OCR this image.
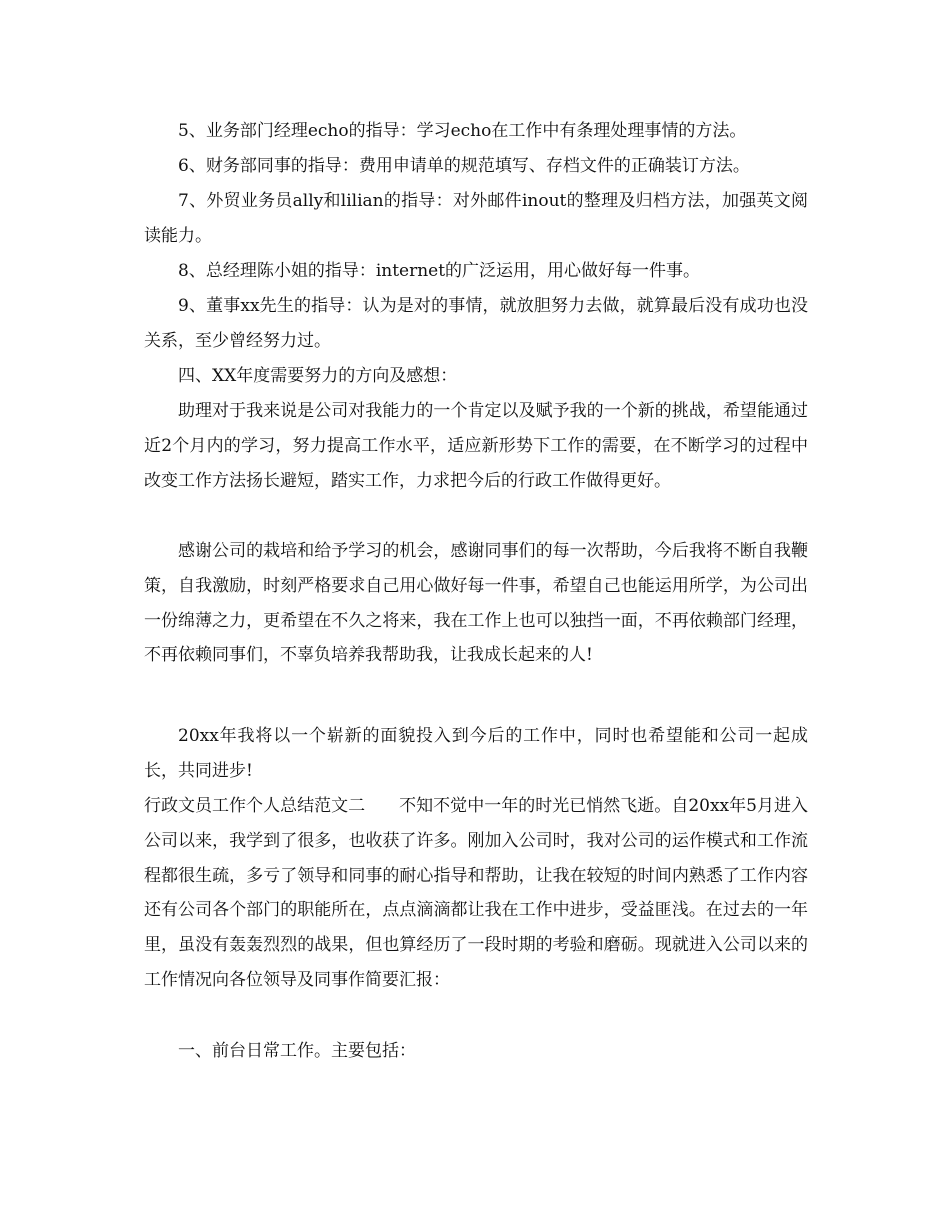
5、业务部门经理echo的指导：学习echo在工作中有条理处理事情的方法。
6、财务部同事的指导：费用申请单的规范填写、存档文件的正确装订方法。
7、外贸业务员ally和lilian的指导：对外邮件inout的整理及归档方法，加强英文阅读能力。
8、总经理陈小姐的指导：internet的广泛运用，用心做好每一件事。
9、董事xx先生的指导：认为是对的事情，就放胆努力去做，就算最后没有成功也没关系，至少曾经努力过。
四、XX年度需要努力的方向及感想：
助理对于我来说是公司对我能力的一个肯定以及赋予我的一个新的挑战，希望能通过近2个月内的学习，努力提高工作水平，适应新形势下工作的需要，在不断学习的过程中改变工作方法扬长避短，踏实工作，力求把今后的行政工作做得更好。
感谢公司的栽培和给予学习的机会，感谢同事们的每一次帮助，今后我将不断自我鞭策，自我激励，时刻严格要求自己用心做好每一件事，希望自己也能运用所学，为公司出一份绵薄之力，更希望在不久之将来，我在工作上也可以独挡一面，不再依赖部门经理，不再依赖同事们，不辜负培养我帮助我，让我成长起来的人!
20xx年我将以一个崭新的面貌投入到今后的工作中，同时也希望能和公司一起成长，共同进步!
行政文员工作个人总结范文二　　不知不觉中一年的时光已悄然飞逝。自20xx年5月进入公司以来，我学到了很多，也收获了许多。刚加入公司时，我对公司的运作模式和工作流程都很生疏，多亏了领导和同事的耐心指导和帮助，让我在较短的时间内熟悉了工作内容还有公司各个部门的职能所在，点点滴滴都让我在工作中进步，受益匪浅。在过去的一年里，虽没有轰轰烈烈的战果，但也算经历了一段时期的考验和磨砺。现就进入公司以来的工作情况向各位领导及同事作简要汇报：
一、前台日常工作。主要包括：
